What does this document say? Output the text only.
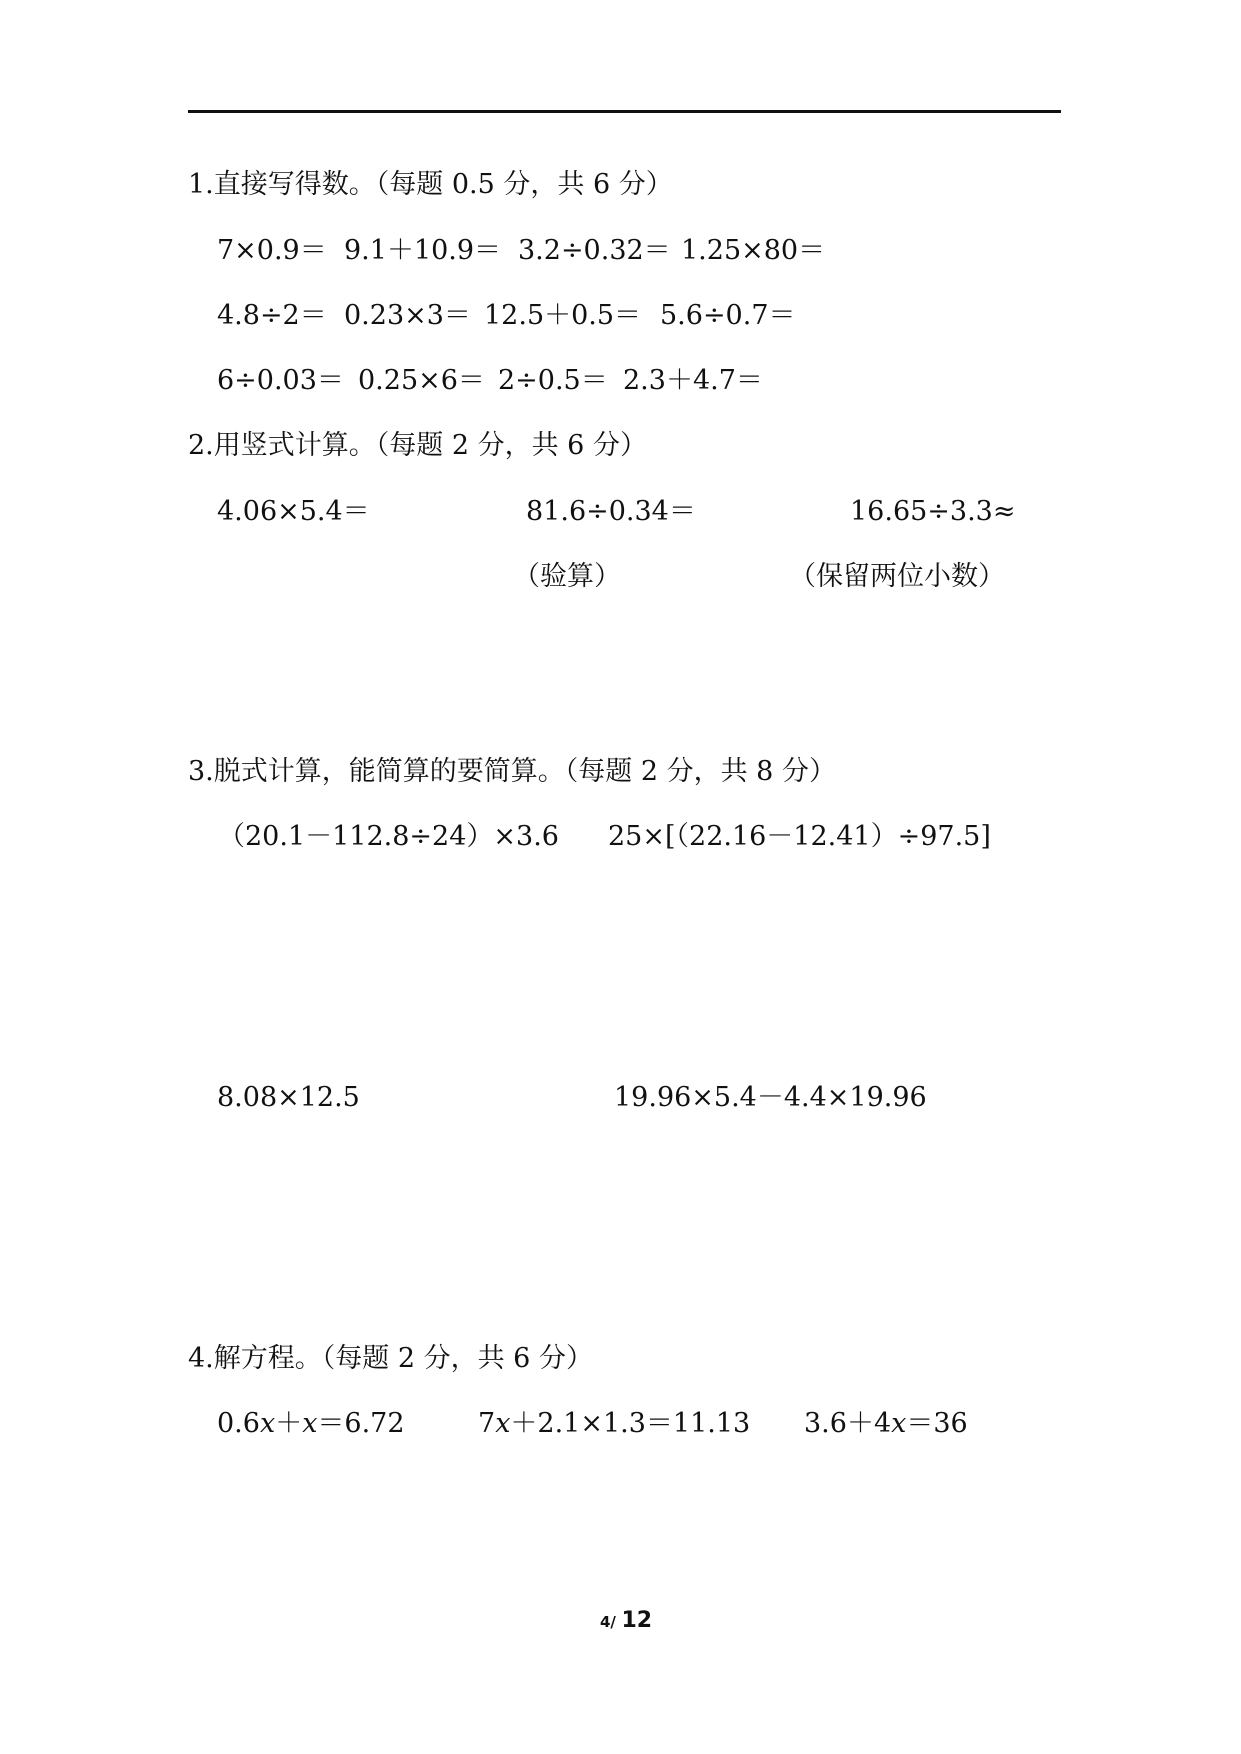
1.直接写得数。（每题 0.5 分，共 6 分）
7×0.9＝ 9.1＋10.9＝ 3.2÷0.32＝ 1.25×80＝
4.8÷2＝ 0.23×3＝ 12.5＋0.5＝ 5.6÷0.7＝
6÷0.03＝ 0.25×6＝ 2÷0.5＝ 2.3＋4.7＝
2.用竖式计算。（每题 2 分，共 6 分）
4.06×5.4＝	81.6÷0.34＝	16.65÷3.3≈
（验算）	（保留两位小数）
3.脱式计算，能简算的要简算。（每题 2 分，共 8 分）
（20.1－112.8÷24）×3.6 25×[（22.16－12.41）÷97.5]
8.08×12.5	19.96×5.4－4.4×19.96
4.解方程。（每题 2 分，共 6 分）
0.6x＋x＝6.72	7x＋2.1×1.3＝11.13 3.6＋4x＝36
4/ 12
